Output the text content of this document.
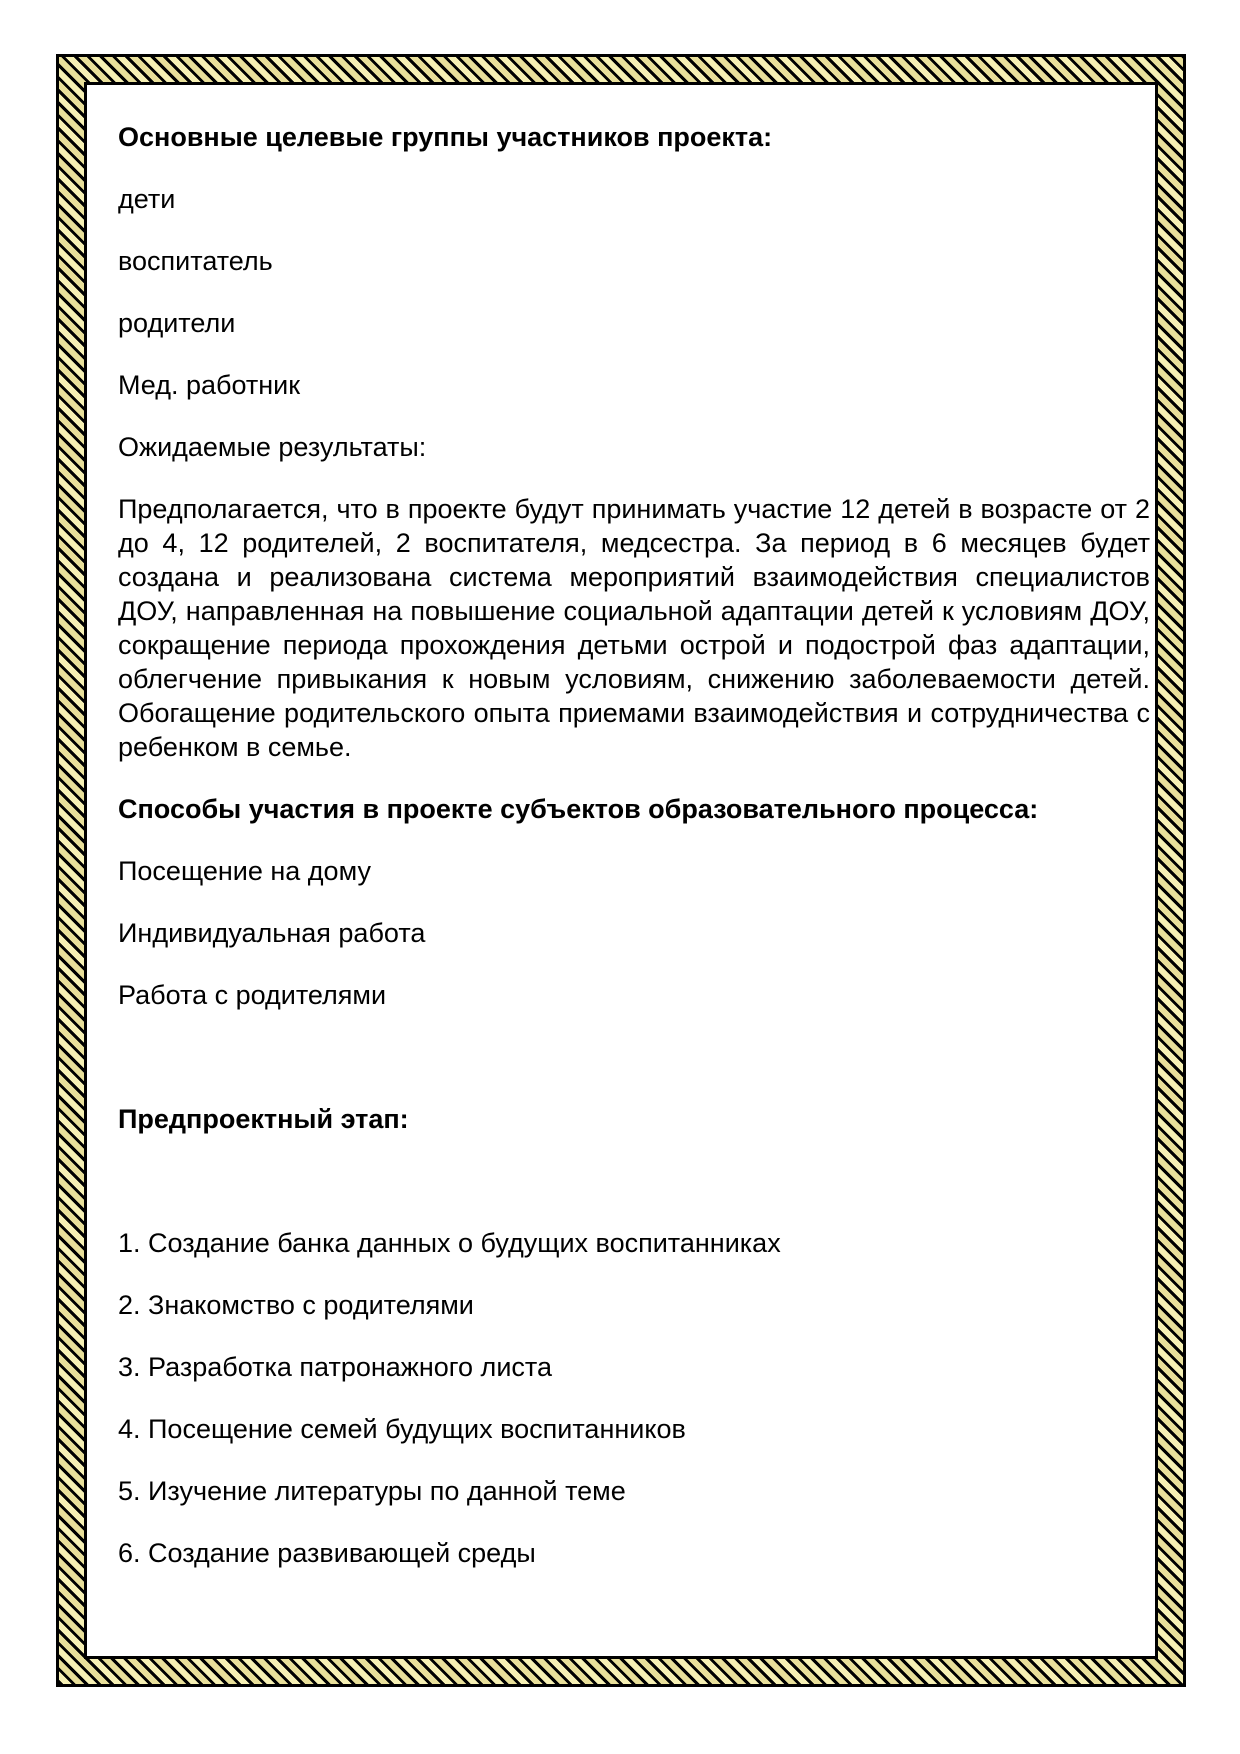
Основные целевые группы участников проекта:
дети
воспитатель
родители
Мед. работник
Ожидаемые результаты:
Предполагается, что в проекте будут принимать участие 12 детей в возрасте от 2 до 4, 12 родителей, 2 воспитателя, медсестра. За период в 6 месяцев будет создана и реализована система мероприятий взаимодействия специалистов ДОУ, направленная на повышение социальной адаптации детей к условиям ДОУ, сокращение периода прохождения детьми острой и подострой фаз адаптации, облегчение привыкания к новым условиям, снижению заболеваемости детей. Обогащение родительского опыта приемами взаимодействия и сотрудничества с ребенком в семье.
Способы участия в проекте субъектов образовательного процесса:
Посещение на дому
Индивидуальная работа
Работа с родителями
Предпроектный этап:
1. Создание банка данных о будущих воспитанниках
2. Знакомство с родителями
3. Разработка патронажного листа
4. Посещение семей будущих воспитанников
5. Изучение литературы по данной теме
6. Создание развивающей среды
